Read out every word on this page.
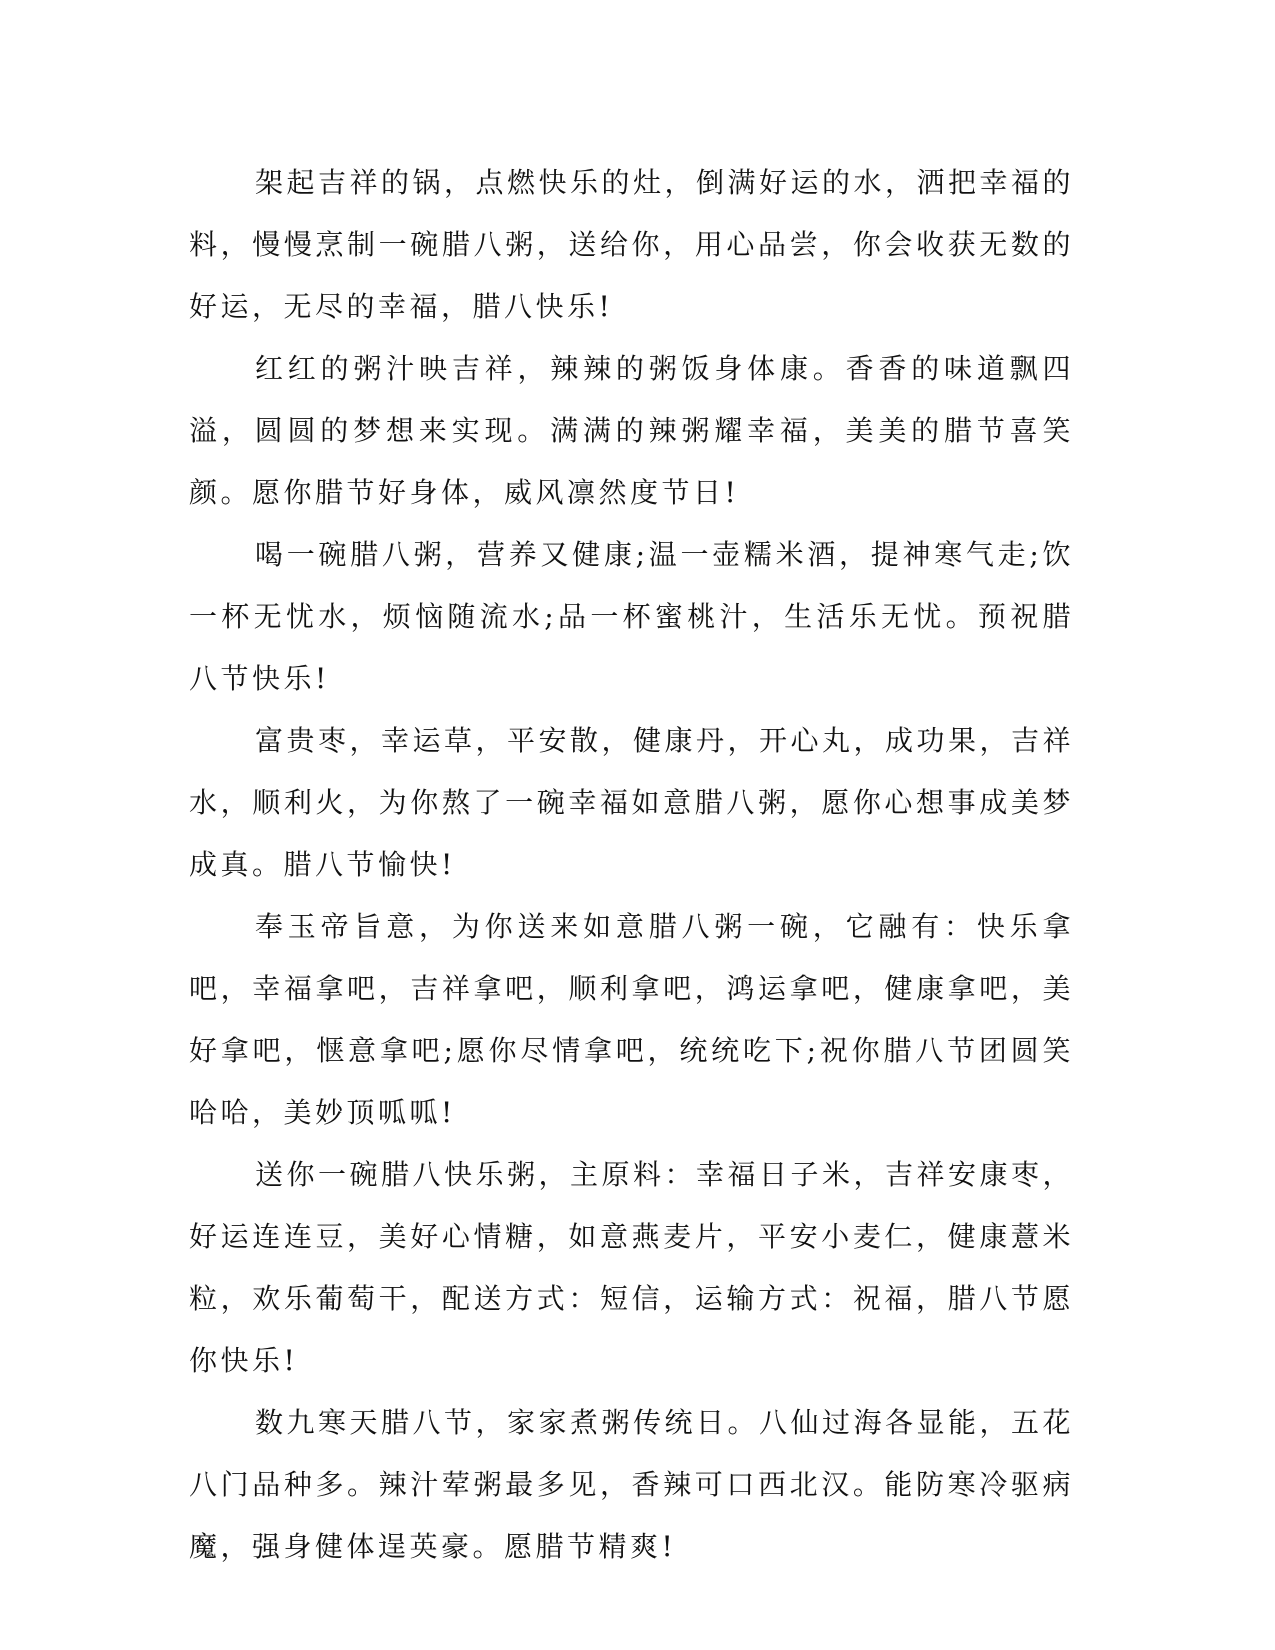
架起吉祥的锅，点燃快乐的灶，倒满好运的水，洒把幸福的料，慢慢烹制一碗腊八粥，送给你，用心品尝，你会收获无数的好运，无尽的幸福，腊八快乐!

红红的粥汁映吉祥，辣辣的粥饭身体康。香香的味道飘四溢，圆圆的梦想来实现。满满的辣粥耀幸福，美美的腊节喜笑颜。愿你腊节好身体，威风凛然度节日!

喝一碗腊八粥，营养又健康;温一壶糯米酒，提神寒气走;饮一杯无忧水，烦恼随流水;品一杯蜜桃汁，生活乐无忧。预祝腊八节快乐!

富贵枣，幸运草，平安散，健康丹，开心丸，成功果，吉祥水，顺利火，为你熬了一碗幸福如意腊八粥，愿你心想事成美梦成真。腊八节愉快!

奉玉帝旨意，为你送来如意腊八粥一碗，它融有：快乐拿吧，幸福拿吧，吉祥拿吧，顺利拿吧，鸿运拿吧，健康拿吧，美好拿吧，惬意拿吧;愿你尽情拿吧，统统吃下;祝你腊八节团圆笑哈哈，美妙顶呱呱!

送你一碗腊八快乐粥，主原料：幸福日子米，吉祥安康枣，好运连连豆，美好心情糖，如意燕麦片，平安小麦仁，健康薏米粒，欢乐葡萄干，配送方式：短信，运输方式：祝福，腊八节愿你快乐!

数九寒天腊八节，家家煮粥传统日。八仙过海各显能，五花八门品种多。辣汁荤粥最多见，香辣可口西北汉。能防寒冷驱病魔，强身健体逞英豪。愿腊节精爽!
